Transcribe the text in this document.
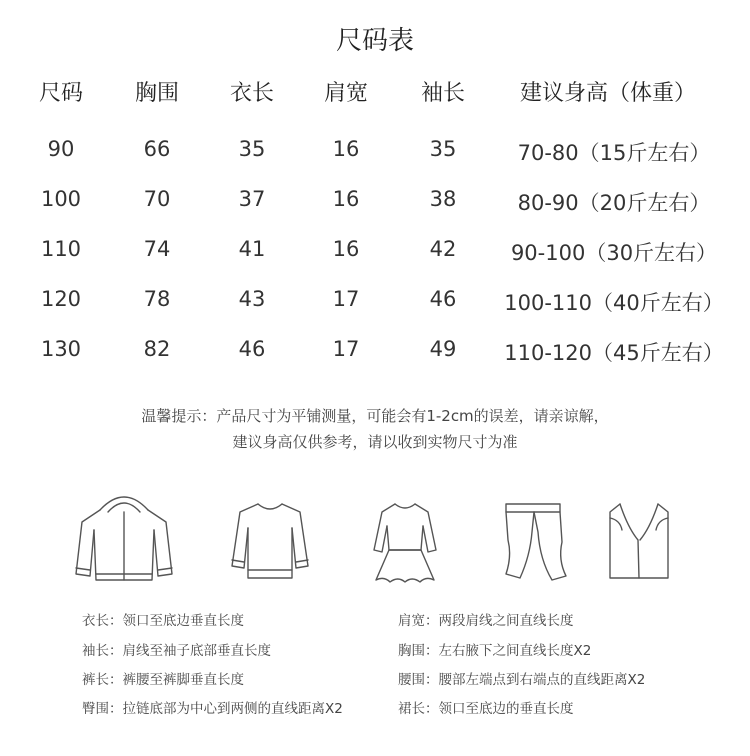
尺码表
尺码 胸围 衣长 肩宽 袖长 建议身高（体重）
90	66	35	16	35	70-80（15斤左右）
100	70	37	16	38	80-90（20斤左右）
110	74	41	16	42	90-100（30斤左右）
120	78	43	17	46 100-110（40斤左右）
130	82	46	17	49 110-120（45斤左右）
温馨提示：产品尺寸为平铺测量，可能会有1-2cm的误差，请亲谅解，
建议身高仅供参考，请以收到实物尺寸为准
衣长：领口至底边垂直长度
袖长：肩线至袖子底部垂直长度
裤长：裤腰至裤脚垂直长度
臀围：拉链底部为中心到两侧的直线距离X2
肩宽：两段肩线之间直线长度
胸围：左右腋下之间直线长度X2
腰围：腰部左端点到右端点的直线距离X2
裙长：领口至底边的垂直长度
